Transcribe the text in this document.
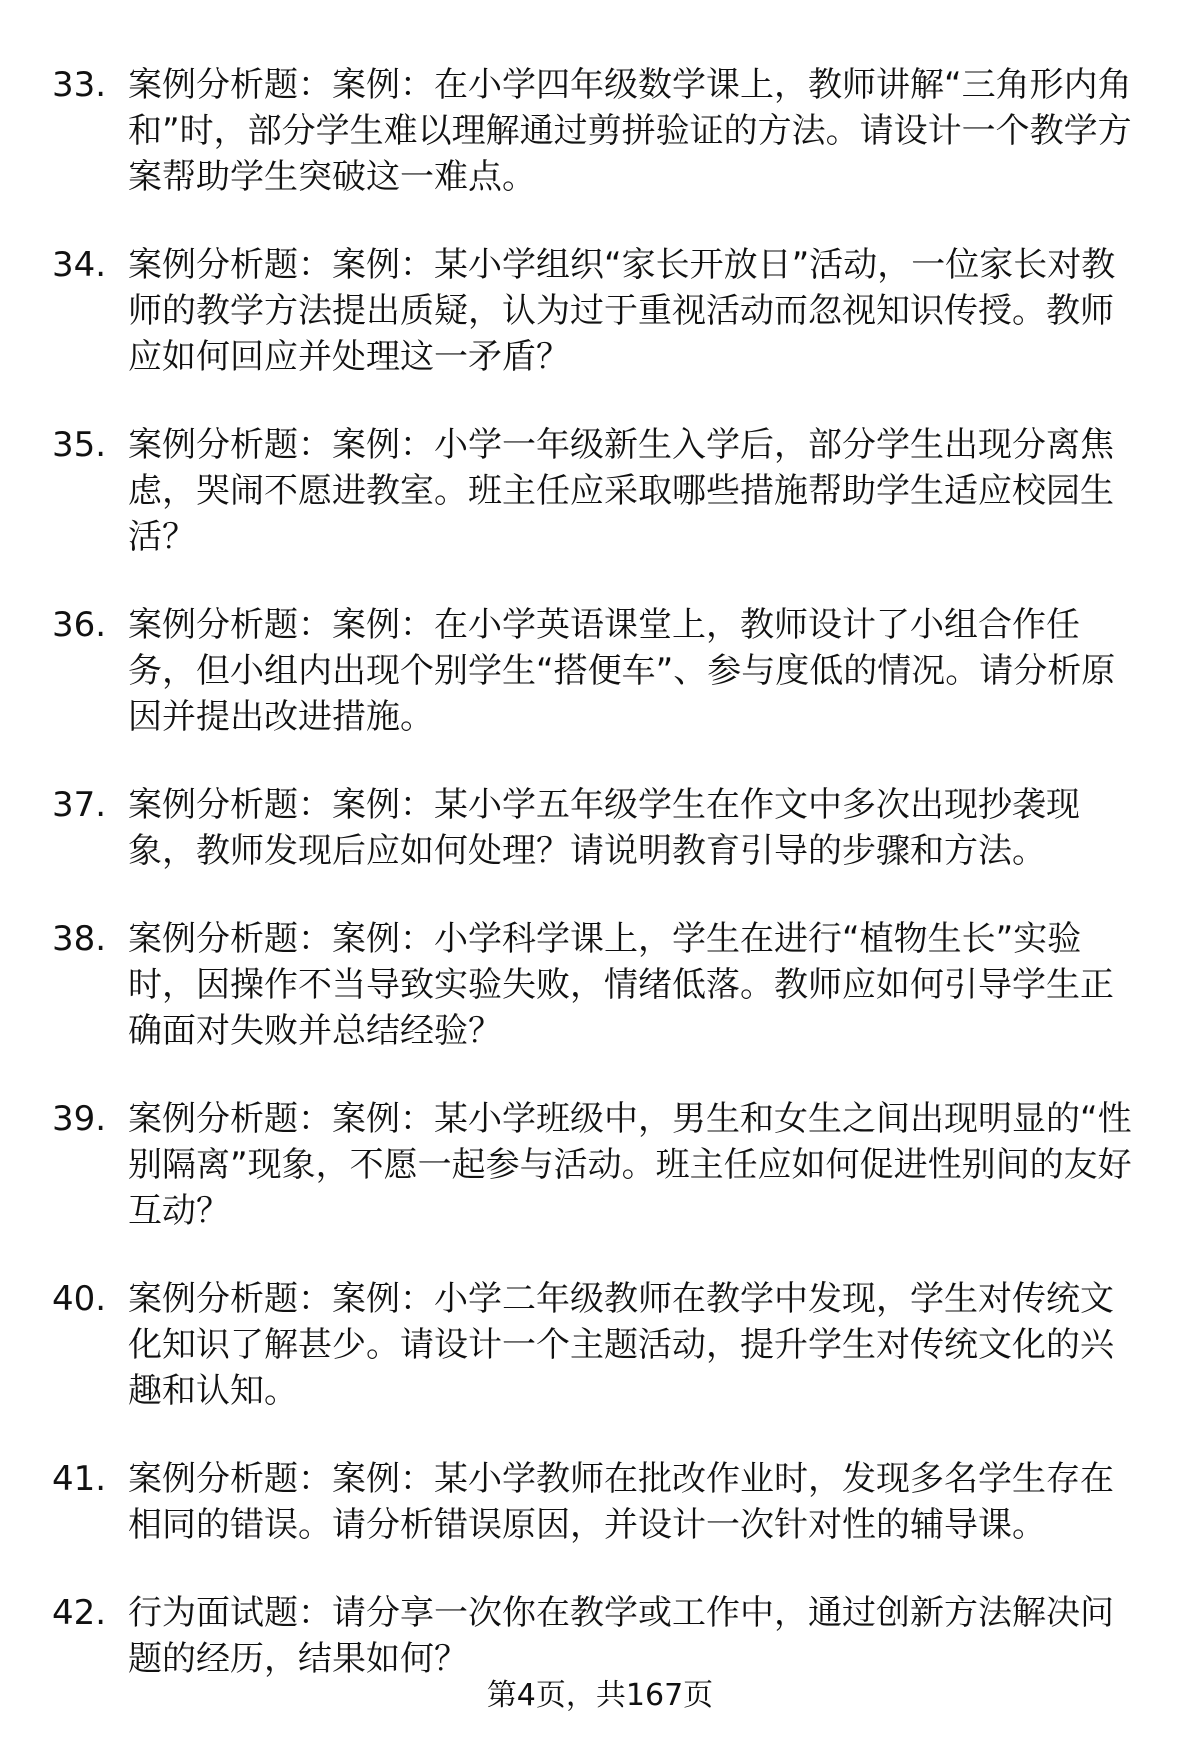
33. 案例分析题：案例：在小学四年级数学课上，教师讲解“三角形内角和”时，部分学生难以理解通过剪拼验证的方法。请设计一个教学方案帮助学生突破这一难点。
34. 案例分析题：案例：某小学组织“家长开放日”活动，一位家长对教师的教学方法提出质疑，认为过于重视活动而忽视知识传授。教师应如何回应并处理这一矛盾？
35. 案例分析题：案例：小学一年级新生入学后，部分学生出现分离焦虑，哭闹不愿进教室。班主任应采取哪些措施帮助学生适应校园生活？
36. 案例分析题：案例：在小学英语课堂上，教师设计了小组合作任务，但小组内出现个别学生“搭便车”、参与度低的情况。请分析原因并提出改进措施。
37. 案例分析题：案例：某小学五年级学生在作文中多次出现抄袭现象，教师发现后应如何处理？请说明教育引导的步骤和方法。
38. 案例分析题：案例：小学科学课上，学生在进行“植物生长”实验时，因操作不当导致实验失败，情绪低落。教师应如何引导学生正确面对失败并总结经验？
39. 案例分析题：案例：某小学班级中，男生和女生之间出现明显的“性别隔离”现象，不愿一起参与活动。班主任应如何促进性别间的友好互动？
40. 案例分析题：案例：小学二年级教师在教学中发现，学生对传统文化知识了解甚少。请设计一个主题活动，提升学生对传统文化的兴趣和认知。
41. 案例分析题：案例：某小学教师在批改作业时，发现多名学生存在相同的错误。请分析错误原因，并设计一次针对性的辅导课。
42. 行为面试题：请分享一次你在教学或工作中，通过创新方法解决问题的经历，结果如何？
第4页，共167页
